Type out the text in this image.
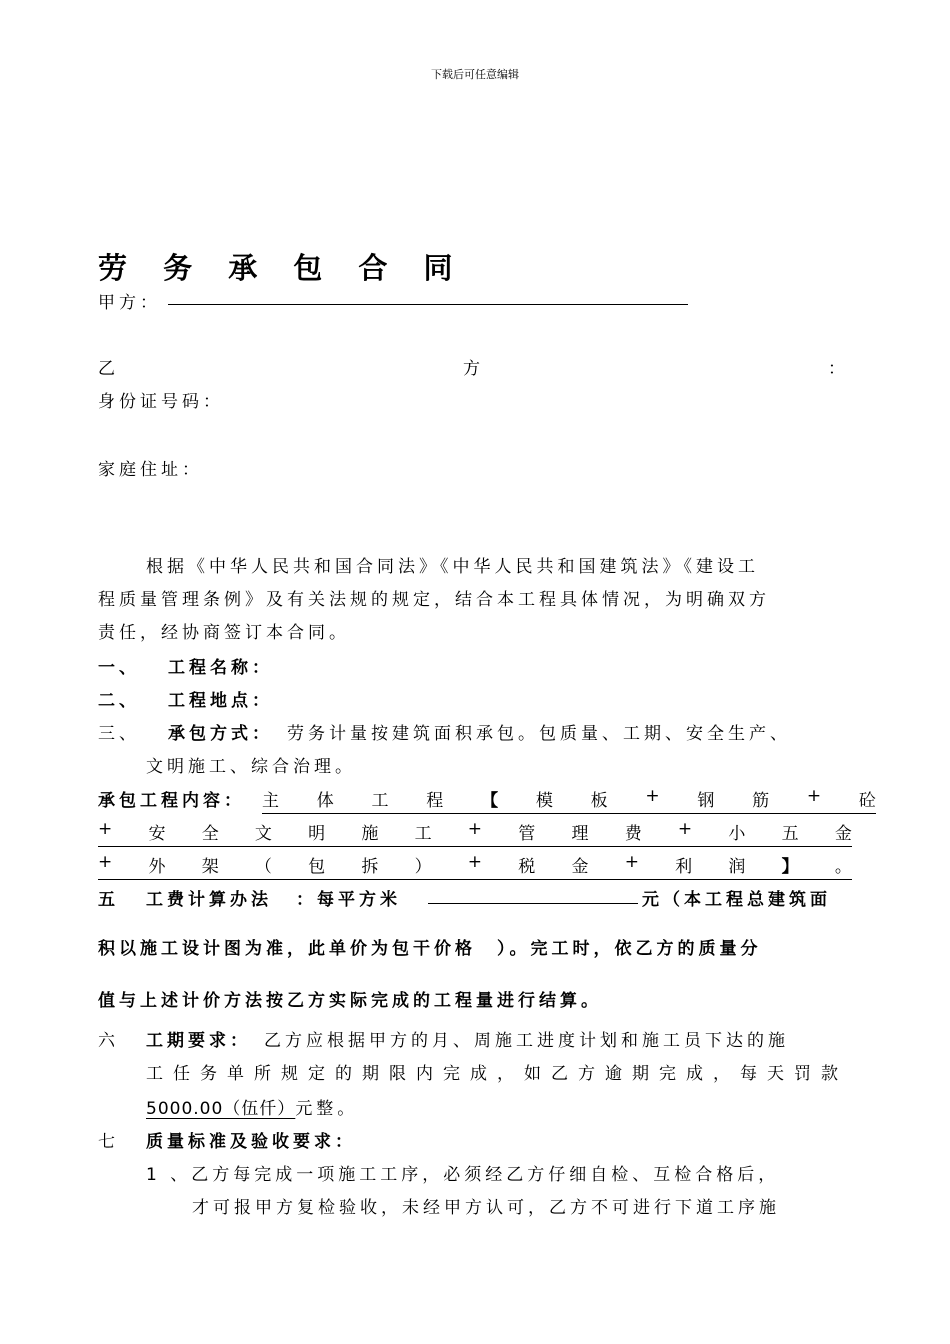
下载后可任意编辑
劳 务 承 包 合 同
甲方：
乙	方	：
身份证号码：
家庭住址：
根据《中华人民共和国合同法》《中华人民共和国建筑法》《建设工
程质量管理条例》及有关法规的规定，结合本工程具体情况，为明确双方
责任，经协商签订本合同。
一、 工程名称：
二、 工程地点：
三、 承包方式： 劳务计量按建筑面积承包。包质量、工期、安全生产、
文明施工、综合治理。
承包工程内容： 主 体 工 程 【 模 板 + 钢 筋 + 砼
+ 安 全 文 明 施 工 + 管 理 费 + 小 五 金
+ 外 架 （ 包 拆 ） + 税 金 + 利 润 】 。
五 工费计算办法 ：每平方米	元（本工程总建筑面
积以施工设计图为准，此单价为包干价格　）。完工时，依乙方的质量分
值与上述计价方法按乙方实际完成的工程量进行结算。
六 工期要求： 乙方应根据甲方的月、周施工进度计划和施工员下达的施
工任务单所规定的期限内完成，如乙方逾期完成，每天罚款
5000.00（伍仟）元整。
七 质量标准及验收要求：
1 、乙方每完成一项施工工序，必须经乙方仔细自检、互检合格后，
才可报甲方复检验收，未经甲方认可，乙方不可进行下道工序施
